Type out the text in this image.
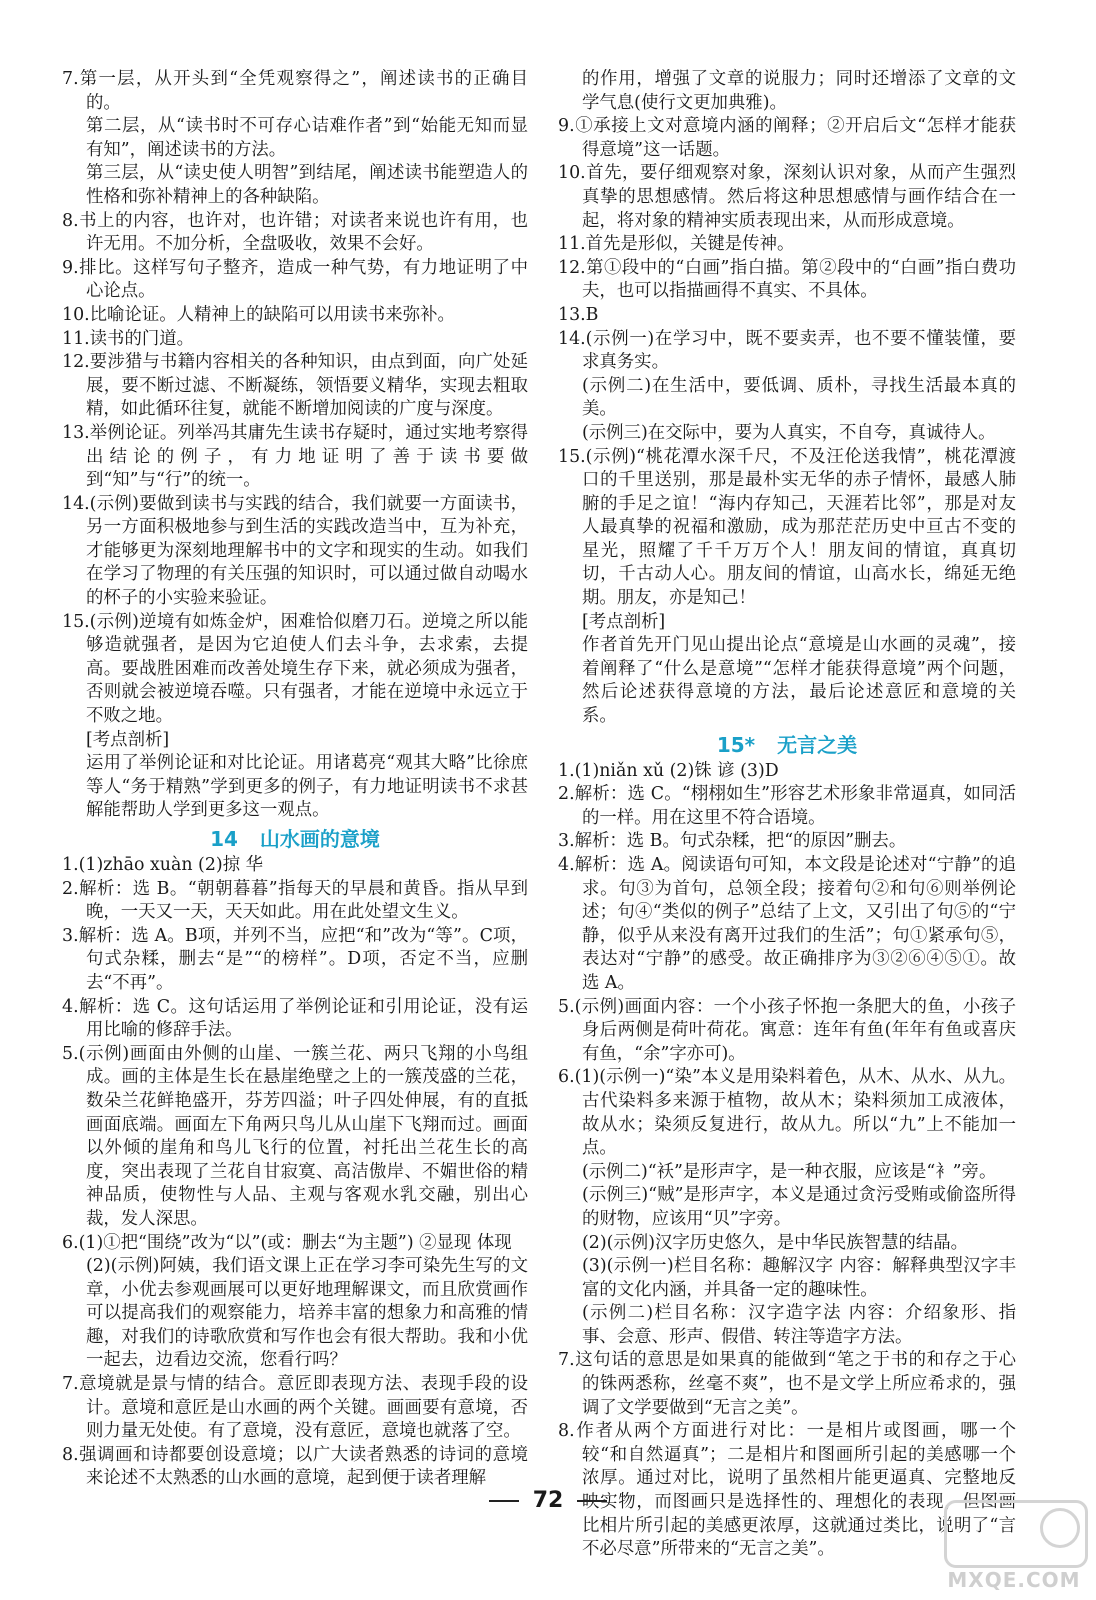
7.第一层，从开头到“全凭观察得之”，阐述读书的正确目的。

第二层，从“读书时不可存心诘难作者”到“始能无知而显有知”，阐述读书的方法。

第三层，从“读史使人明智”到结尾，阐述读书能塑造人的性格和弥补精神上的各种缺陷。

8.书上的内容，也许对，也许错；对读者来说也许有用，也许无用。不加分析，全盘吸收，效果不会好。

9.排比。这样写句子整齐，造成一种气势，有力地证明了中心论点。

10.比喻论证。人精神上的缺陷可以用读书来弥补。

11.读书的门道。

12.要涉猎与书籍内容相关的各种知识，由点到面，向广处延展，要不断过滤、不断凝练，领悟要义精华，实现去粗取精，如此循环往复，就能不断增加阅读的广度与深度。

13.举例论证。列举冯其庸先生读书存疑时，通过实地考察得出结论的例子，有力地证明了善于读书要做到“知”与“行”的统一。

14.(示例)要做到读书与实践的结合，我们就要一方面读书，另一方面积极地参与到生活的实践改造当中，互为补充，才能够更为深刻地理解书中的文字和现实的生动。如我们在学习了物理的有关压强的知识时，可以通过做自动喝水的杯子的小实验来验证。

15.(示例)逆境有如炼金炉，困难恰似磨刀石。逆境之所以能够造就强者，是因为它迫使人们去斗争，去求索，去提高。要战胜困难而改善处境生存下来，就必须成为强者，否则就会被逆境吞噬。只有强者，才能在逆境中永远立于不败之地。

[考点剖析]

运用了举例论证和对比论证。用诸葛亮“观其大略”比徐庶等人“务于精熟”学到更多的例子，有力地证明读书不求甚解能帮助人学到更多这一观点。

14 山水画的意境

1.(1)zhāo xuàn (2)掠 华

2.解析：选 B。“朝朝暮暮”指每天的早晨和黄昏。指从早到晚，一天又一天，天天如此。用在此处望文生义。

3.解析：选 A。B项，并列不当，应把“和”改为“等”。C项，句式杂糅，删去“是”“的榜样”。D项，否定不当，应删去“不再”。

4.解析：选 C。这句话运用了举例论证和引用论证，没有运用比喻的修辞手法。

5.(示例)画面由外侧的山崖、一簇兰花、两只飞翔的小鸟组成。画的主体是生长在悬崖绝壁之上的一簇茂盛的兰花，数朵兰花鲜艳盛开，芬芳四溢；叶子四处伸展，有的直抵画面底端。画面左下角两只鸟儿从山崖下飞翔而过。画面以外倾的崖角和鸟儿飞行的位置，衬托出兰花生长的高度，突出表现了兰花自甘寂寞、高洁傲岸、不媚世俗的精神品质，使物性与人品、主观与客观水乳交融，别出心裁，发人深思。

6.(1)①把“围绕”改为“以”(或：删去“为主题”) ②显现 体现

(2)(示例)阿姨，我们语文课上正在学习李可染先生写的文章，小优去参观画展可以更好地理解课文，而且欣赏画作可以提高我们的观察能力，培养丰富的想象力和高雅的情趣，对我们的诗歌欣赏和写作也会有很大帮助。我和小优一起去，边看边交流，您看行吗？

7.意境就是景与情的结合。意匠即表现方法、表现手段的设计。意境和意匠是山水画的两个关键。画画要有意境，否则力量无处使。有了意境，没有意匠，意境也就落了空。

8.强调画和诗都要创设意境；以广大读者熟悉的诗词的意境来论述不太熟悉的山水画的意境，起到便于读者理解

的作用，增强了文章的说服力；同时还增添了文章的文学气息(使行文更加典雅)。

9.①承接上文对意境内涵的阐释；②开启后文“怎样才能获得意境”这一话题。

10.首先，要仔细观察对象，深刻认识对象，从而产生强烈真挚的思想感情。然后将这种思想感情与画作结合在一起，将对象的精神实质表现出来，从而形成意境。

11.首先是形似，关键是传神。

12.第①段中的“白画”指白描。第②段中的“白画”指白费功夫，也可以指描画得不真实、不具体。

13.B

14.(示例一)在学习中，既不要卖弄，也不要不懂装懂，要求真务实。

(示例二)在生活中，要低调、质朴，寻找生活最本真的美。

(示例三)在交际中，要为人真实，不自夸，真诚待人。

15.(示例)“桃花潭水深千尺，不及汪伦送我情”，桃花潭渡口的千里送别，那是最朴实无华的赤子情怀，最感人肺腑的手足之谊！“海内存知己，天涯若比邻”，那是对友人最真挚的祝福和激励，成为那茫茫历史中亘古不变的星光，照耀了千千万万个人！朋友间的情谊，真真切切，千古动人心。朋友间的情谊，山高水长，绵延无绝期。朋友，亦是知己！

[考点剖析]

作者首先开门见山提出论点“意境是山水画的灵魂”，接着阐释了“什么是意境”“怎样才能获得意境”两个问题，然后论述获得意境的方法，最后论述意匠和意境的关系。

15* 无言之美

1.(1)niǎn xǔ (2)铢 谚 (3)D

2.解析：选 C。“栩栩如生”形容艺术形象非常逼真，如同活的一样。用在这里不符合语境。

3.解析：选 B。句式杂糅，把“的原因”删去。

4.解析：选 A。阅读语句可知，本文段是论述对“宁静”的追求。句③为首句，总领全段；接着句②和句⑥则举例论述；句④“类似的例子”总结了上文，又引出了句⑤的“宁静，似乎从来没有离开过我们的生活”；句①紧承句⑤，表达对“宁静”的感受。故正确排序为③②⑥④⑤①。故选 A。

5.(示例)画面内容：一个小孩子怀抱一条肥大的鱼，小孩子身后两侧是荷叶荷花。寓意：连年有鱼(年年有鱼或喜庆有鱼，“余”字亦可)。

6.(1)(示例一)“染”本义是用染料着色，从木、从水、从九。古代染料多来源于植物，故从木；染料须加工成液体，故从水；染须反复进行，故从九。所以“九”上不能加一点。

(示例二)“袄”是形声字，是一种衣服，应该是“衤”旁。

(示例三)“贼”是形声字，本义是通过贪污受贿或偷盗所得的财物，应该用“贝”字旁。

(2)(示例)汉字历史悠久，是中华民族智慧的结晶。

(3)(示例一)栏目名称：趣解汉字 内容：解释典型汉字丰富的文化内涵，并具备一定的趣味性。

(示例二)栏目名称：汉字造字法 内容：介绍象形、指事、会意、形声、假借、转注等造字方法。

7.这句话的意思是如果真的能做到“笔之于书的和存之于心的铢两悉称，丝毫不爽”，也不是文学上所应希求的，强调了文学要做到“无言之美”。

8.作者从两个方面进行对比：一是相片或图画，哪一个较“和自然逼真”；二是相片和图画所引起的美感哪一个浓厚。通过对比，说明了虽然相片能更逼真、完整地反映实物，而图画只是选择性的、理想化的表现，但图画比相片所引起的美感更浓厚，这就通过类比，说明了“言不必尽意”所带来的“无言之美”。

72
MXQE.COM
